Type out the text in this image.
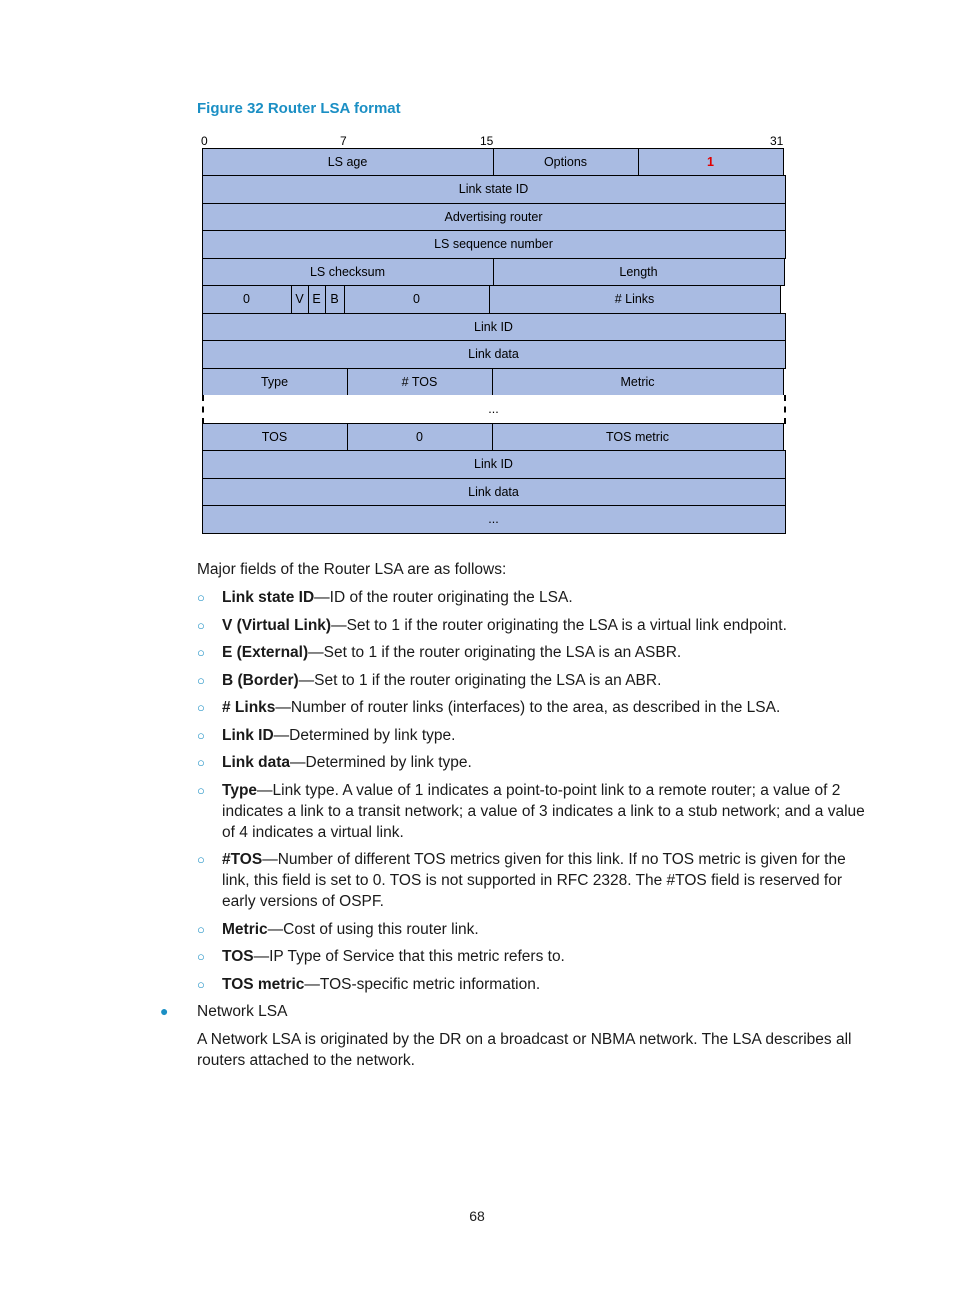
Figure 32 Router LSA format
0	7	15	31
LS age	Options	1
Link state ID
Advertising router
LS sequence number
LS checksum	Length
0	V E B	0	# Links
Link ID
Link data
Type	# TOS	Metric
...
TOS	0	TOS metric
Link ID
Link data
...
Major fields of the Router LSA are as follows:
○ Link state ID—ID of the router originating the LSA.
○ V (Virtual Link)—Set to 1 if the router originating the LSA is a virtual link endpoint.
○ E (External)—Set to 1 if the router originating the LSA is an ASBR.
○ B (Border)—Set to 1 if the router originating the LSA is an ABR.
○ # Links—Number of router links (interfaces) to the area, as described in the LSA.
○ Link ID—Determined by link type.
○ Link data—Determined by link type.
○ Type—Link type. A value of 1 indicates a point-to-point link to a remote router; a value of 2 indicates a link to a transit network; a value of 3 indicates a link to a stub network; and a value of 4 indicates a virtual link.
○ #TOS—Number of different TOS metrics given for this link. If no TOS metric is given for the link, this field is set to 0. TOS is not supported in RFC 2328. The #TOS field is reserved for early versions of OSPF.
○ Metric—Cost of using this router link.
○ TOS—IP Type of Service that this metric refers to.
○ TOS metric—TOS-specific metric information.
● Network LSA
A Network LSA is originated by the DR on a broadcast or NBMA network. The LSA describes all routers attached to the network.
68
